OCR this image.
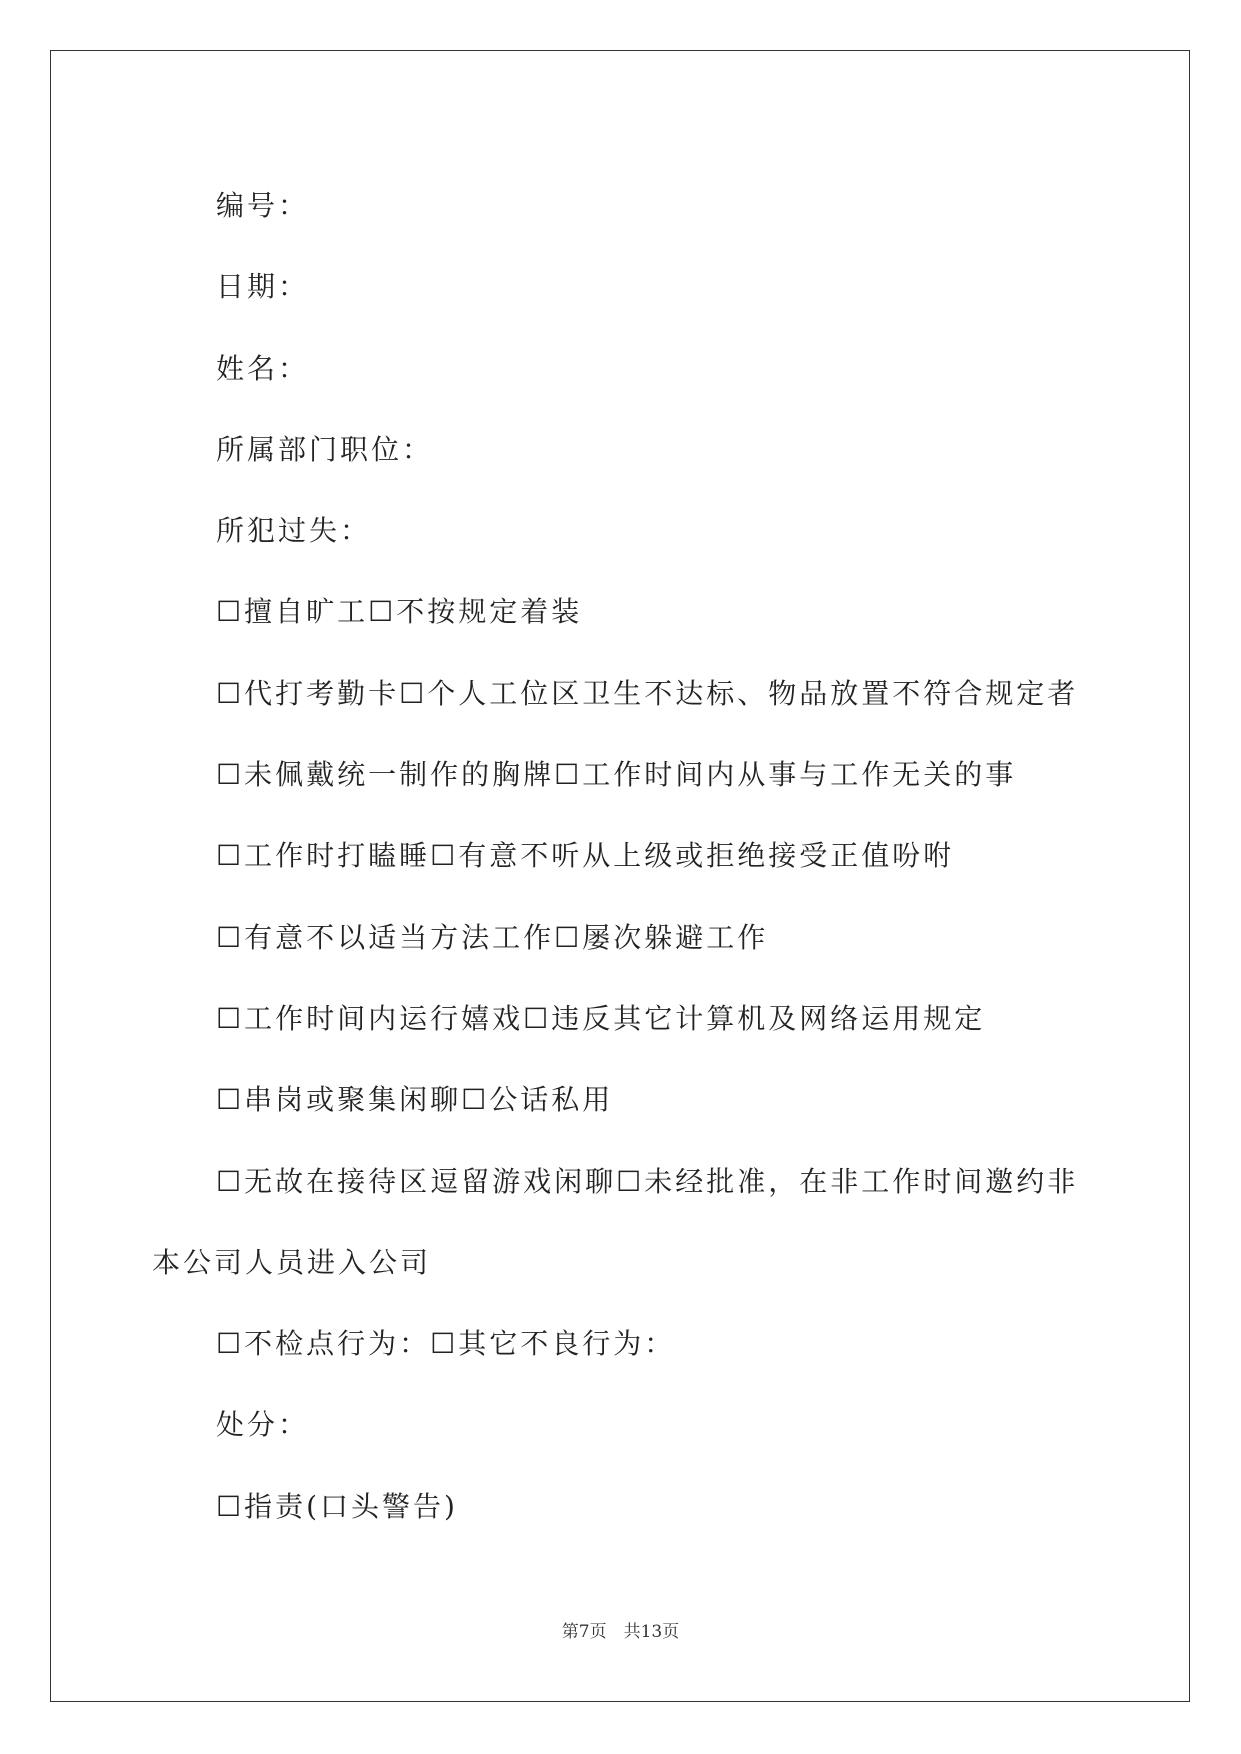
编号：
日期：
姓名：
所属部门职位：
所犯过失：
☐擅自旷工☐不按规定着装
☐代打考勤卡☐个人工位区卫生不达标、物品放置不符合规定者
☐未佩戴统一制作的胸牌☐工作时间内从事与工作无关的事
☐工作时打瞌睡☐有意不听从上级或拒绝接受正值吩咐
☐有意不以适当方法工作☐屡次躲避工作
☐工作时间内运行嬉戏☐违反其它计算机及网络运用规定
☐串岗或聚集闲聊☐公话私用
☐无故在接待区逗留游戏闲聊☐未经批准，在非工作时间邀约非本公司人员进入公司
☐不检点行为：☐其它不良行为：
处分：
☐指责(口头警告)
第7页　共13页
